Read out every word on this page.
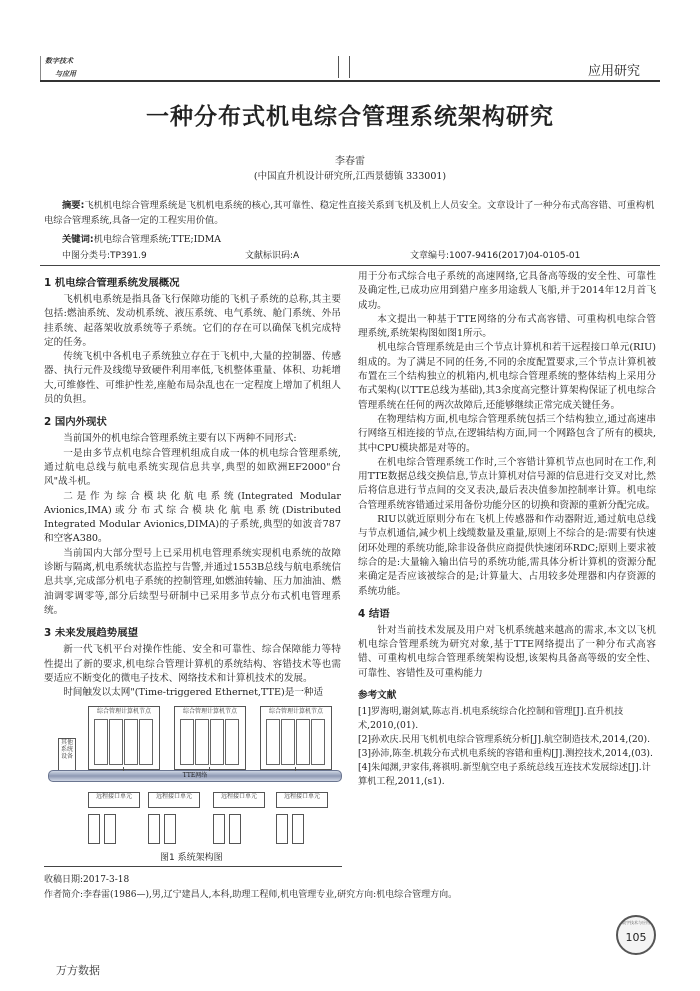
数字技术
与应用	应用研究
一种分布式机电综合管理系统架构研究
李春雷
(中国直升机设计研究所,江西景德镇 333001)
摘要:飞机机电综合管理系统是飞机机电系统的核心,其可靠性、稳定性直接关系到飞机及机上人员安全。文章设计了一种分布式高容错、可重构机电综合管理系统,具备一定的工程实用价值。
关键词:机电综合管理系统;TTE;IDMA
中图分类号:TP391.9	文献标识码:A	文章编号:1007-9416(2017)04-0105-01
1 机电综合管理系统发展概况

飞机机电系统是指具备飞行保障功能的飞机子系统的总称,其主要包括:燃油系统、发动机系统、液压系统、电气系统、舱门系统、外吊挂系统、起落架收放系统等子系统。它们的存在可以确保飞机完成特定的任务。

传统飞机中各机电子系统独立存在于飞机中,大量的控制器、传感器、执行元件及线缆导致硬件利用率低,飞机整体重量、体积、功耗增大,可维修性、可维护性差,座舱布局杂乱也在一定程度上增加了机组人员的负担。

2 国内外现状

当前国外的机电综合管理系统主要有以下两种不同形式:

一是由多节点机电综合管理机组成自成一体的机电综合管理系统,通过航电总线与航电系统实现信息共享,典型的如欧洲EF2000"台风"战斗机。

二是作为综合模块化航电系统(Integrated Modular Avionics,IMA)或分布式综合模块化航电系统(Distributed Integrated Modular Avionics,DIMA)的子系统,典型的如波音787和空客A380。

当前国内大部分型号上已采用机电管理系统实现机电系统的故障诊断与隔离,机电系统状态监控与告警,并通过1553B总线与航电系统信息共享,完成部分机电子系统的控制管理,如燃油转输、压力加油油、燃油调零调零等,部分后续型号研制中已采用多节点分布式机电管理系统。

3 未来发展趋势展望

新一代飞机平台对操作性能、安全和可靠性、综合保障能力等特性提出了新的要求,机电综合管理计算机的系统结构、容错技术等也需要适应不断变化的微电子技术、网络技术和计算机技术的发展。

时间触发以太网"(Time-triggered Ethernet,TTE)是一种适

用于分布式综合电子系统的高速网络,它具备高等级的安全性、可靠性及确定性,已成功应用到猎户座多用途载人飞船,并于2014年12月首飞成功。

本文提出一种基于TTE网络的分布式高容错、可重构机电综合管理系统,系统架构图如图1所示。

机电综合管理系统是由三个节点计算机和若干远程接口单元(RIU)组成的。为了满足不同的任务,不同的余度配置要求,三个节点计算机被布置在三个结构独立的机箱内,机电综合管理系统的整体结构上采用分布式架构(以TTE总线为基础),其3余度高完整计算架构保证了机电综合管理系统在任何的两次故障后,还能够继续正常完成关键任务。

在物理结构方面,机电综合管理系统包括三个结构独立,通过高速串行网络互相连接的节点,在逻辑结构方面,同一个网路包含了所有的模块,其中CPU模块都是对等的。

在机电综合管理系统工作时,三个容错计算机节点也同时在工作,利用TTE数据总线交换信息,节点计算机对信号源的信息进行交叉对比,然后将信息进行节点间的交叉表决,最后表决值参加控制率计算。机电综合管理系统容错通过采用备份功能分区的切换和资源的重新分配完成。

RIU以就近原则分布在飞机上传感器和作动器附近,通过航电总线与节点机通信,减少机上线缆数量及重量,原则上不综合的是:需要有快速闭环处理的系统功能,除非设备供应商提供快速闭环RDC;原则上要求被综合的是:大量输入输出信号的系统功能,需具体分析计算机的资源分配来确定是否应该被综合的是;计算量大、占用较多处理器和内存资源的系统功能。

4 结语

针对当前技术发展及用户对飞机系统越来越高的需求,本文以飞机机电综合管理系统为研究对象,基于TTE网络提出了一种分布式高容错、可重构机电综合管理系统架构设想,该架构具备高等级的安全性、可靠性、容错性及可重构能力

参考文献

[1]罗海明,谢剑斌,陈志肖.机电系统综合化控制和管理[J].直升机技术,2010,(01).

[2]孙欢庆.民用飞机机电综合管理系统分析[J].航空制造技术,2014,(20).

[3]孙沛,陈奎.机载分布式机电系统的容错和重构[J].测控技术,2014,(03).

[4]朱闻渊,尹家伟,蒋祺明.新型航空电子系统总线互连技术发展综述[J].计算机工程,2011,(s1).

其他系统设备
综合管理计算机节点	综合管理计算机节点	综合管理计算机节点
TTE网络
远程接口单元	远程接口单元	远程接口单元	远程接口单元
图1 系统架构图
收稿日期:2017-3-18
作者简介:李春雷(1986—),男,辽宁建昌人,本科,助理工程师,机电管理专业,研究方向:机电综合管理方向。
数字技术与应用
105
万方数据
